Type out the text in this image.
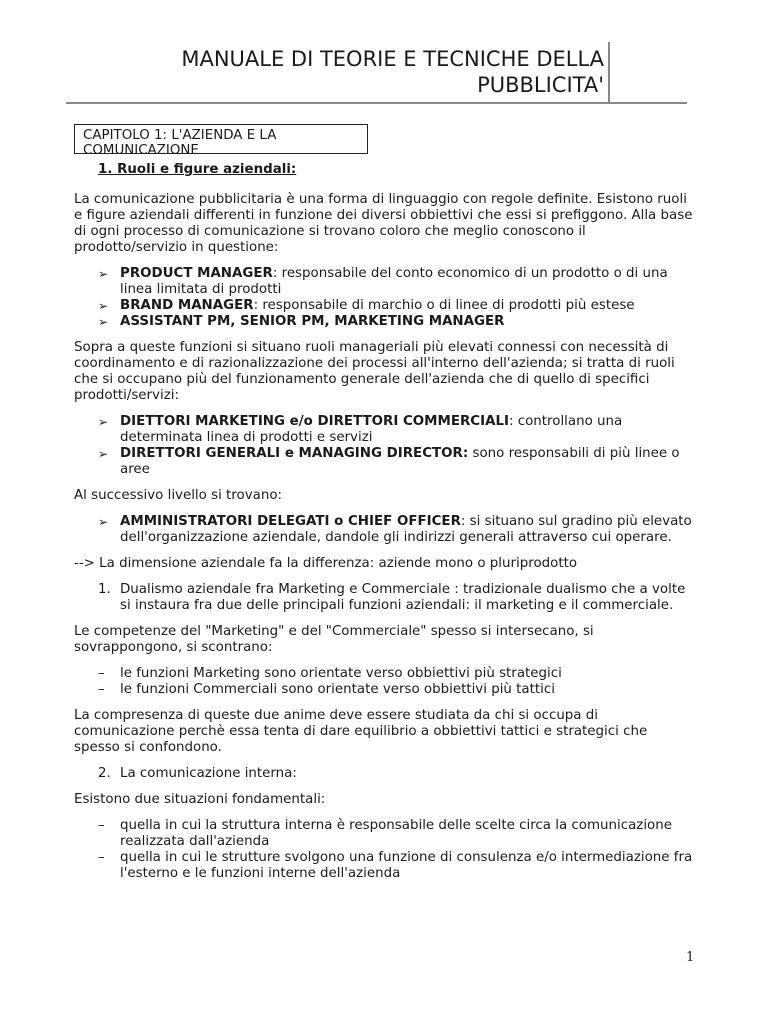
MANUALE DI TEORIE E TECNICHE DELLA PUBBLICITA'
CAPITOLO 1: L'AZIENDA E LA COMUNICAZIONE
1. Ruoli e figure aziendali:

La comunicazione pubblicitaria è una forma di linguaggio con regole definite. Esistono ruoli e figure aziendali differenti in funzione dei diversi obbiettivi che essi si prefiggono. Alla base di ogni processo di comunicazione si trovano coloro che meglio conoscono il prodotto/servizio in questione:

➢ PRODUCT MANAGER: responsabile del conto economico di un prodotto o di una linea limitata di prodotti
➢ BRAND MANAGER: responsabile di marchio o di linee di prodotti più estese
➢ ASSISTANT PM, SENIOR PM, MARKETING MANAGER

Sopra a queste funzioni si situano ruoli manageriali più elevati connessi con necessità di coordinamento e di razionalizzazione dei processi all'interno dell'azienda; si tratta di ruoli che si occupano più del funzionamento generale dell'azienda che di quello di specifici prodotti/servizi:

➢ DIETTORI MARKETING e/o DIRETTORI COMMERCIALI: controllano una determinata linea di prodotti e servizi
➢ DIRETTORI GENERALI e MANAGING DIRECTOR: sono responsabili di più linee o aree

Al successivo livello si trovano:

➢ AMMINISTRATORI DELEGATI o CHIEF OFFICER: si situano sul gradino più elevato dell'organizzazione aziendale, dandole gli indirizzi generali attraverso cui operare.

--> La dimensione aziendale fa la differenza: aziende mono o pluriprodotto

1. Dualismo aziendale fra Marketing e Commerciale : tradizionale dualismo che a volte si instaura fra due delle principali funzioni aziendali: il marketing e il commerciale.

Le competenze del "Marketing" e del "Commerciale" spesso si intersecano, si sovrappongono, si scontrano:

– le funzioni Marketing sono orientate verso obbiettivi più strategici
– le funzioni Commerciali sono orientate verso obbiettivi più tattici

La compresenza di queste due anime deve essere studiata da chi si occupa di comunicazione perchè essa tenta di dare equilibrio a obbiettivi tattici e strategici che spesso si confondono.

2. La comunicazione interna:

Esistono due situazioni fondamentali:

– quella in cui la struttura interna è responsabile delle scelte circa la comunicazione realizzata dall'azienda
– quella in cui le strutture svolgono una funzione di consulenza e/o intermediazione fra l'esterno e le funzioni interne dell'azienda
1
